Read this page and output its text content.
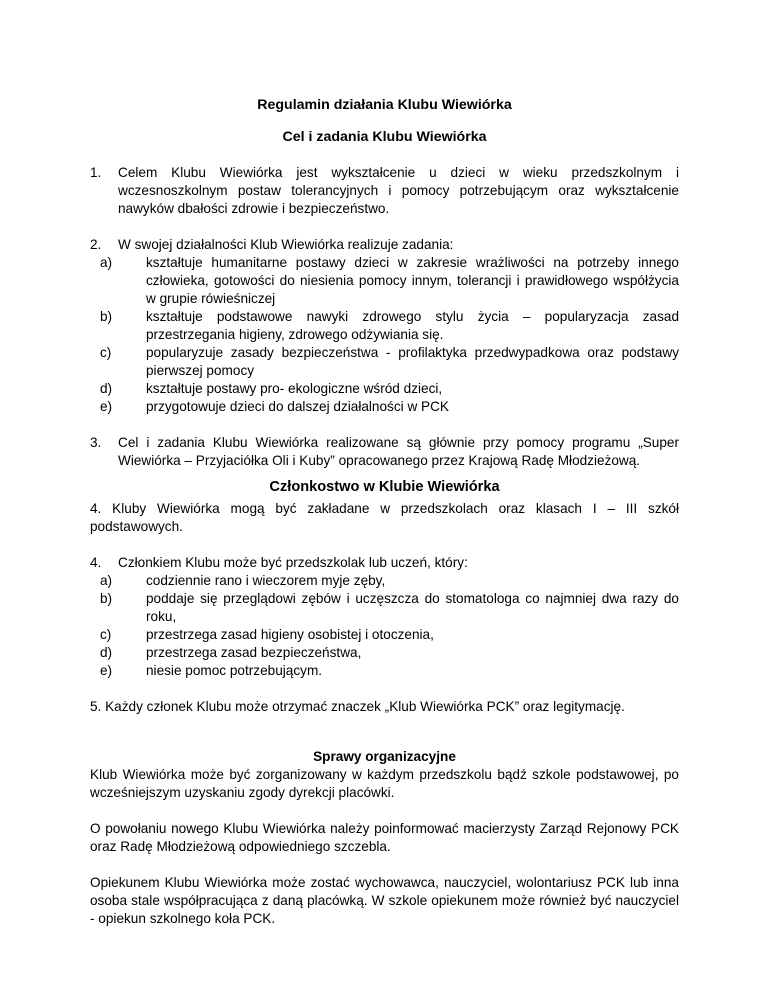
Regulamin działania Klubu Wiewiórka
Cel i zadania Klubu Wiewiórka
1. Celem Klubu Wiewiórka jest wykształcenie u dzieci w wieku przedszkolnym i wczesnoszkolnym postaw tolerancyjnych i pomocy potrzebującym oraz wykształcenie nawyków dbałości zdrowie i bezpieczeństwo.
2. W swojej działalności Klub Wiewiórka realizuje zadania:
a)	kształtuje humanitarne postawy dzieci w zakresie wrażliwości na potrzeby innego człowieka, gotowości do niesienia pomocy innym, tolerancji i prawidłowego współżycia w grupie rówieśniczej
b)	kształtuje podstawowe nawyki zdrowego stylu życia – popularyzacja zasad przestrzegania higieny, zdrowego odżywiania się.
c)	popularyzuje zasady bezpieczeństwa - profilaktyka przedwypadkowa oraz podstawy pierwszej pomocy
d)	kształtuje postawy pro- ekologiczne wśród dzieci,
e)	przygotowuje dzieci do dalszej działalności w PCK
3. Cel i zadania Klubu Wiewiórka realizowane są głównie przy pomocy programu „Super Wiewiórka – Przyjaciółka Oli i Kuby” opracowanego przez Krajową Radę Młodzieżową.
Członkostwo w Klubie Wiewiórka
4. Kluby Wiewiórka mogą być zakładane w przedszkolach oraz klasach I – III szkół podstawowych.
4. Członkiem Klubu może być przedszkolak lub uczeń, który:
a)	codziennie rano i wieczorem myje zęby,
b)	poddaje się przeglądowi zębów i uczęszcza do stomatologa co najmniej dwa razy do roku,
c)	przestrzega zasad higieny osobistej i otoczenia,
d)	przestrzega zasad bezpieczeństwa,
e)	niesie pomoc potrzebującym.
5. Każdy członek Klubu może otrzymać znaczek „Klub Wiewiórka PCK” oraz legitymację.
Sprawy organizacyjne
Klub Wiewiórka może być zorganizowany w każdym przedszkolu bądź szkole podstawowej, po wcześniejszym uzyskaniu zgody dyrekcji placówki.
O powołaniu nowego Klubu Wiewiórka należy poinformować macierzysty Zarząd Rejonowy PCK oraz Radę Młodzieżową odpowiedniego szczebla.
Opiekunem Klubu Wiewiórka może zostać wychowawca, nauczyciel, wolontariusz PCK lub inna osoba stale współpracująca z daną placówką. W szkole opiekunem może również być nauczyciel - opiekun szkolnego koła PCK.
